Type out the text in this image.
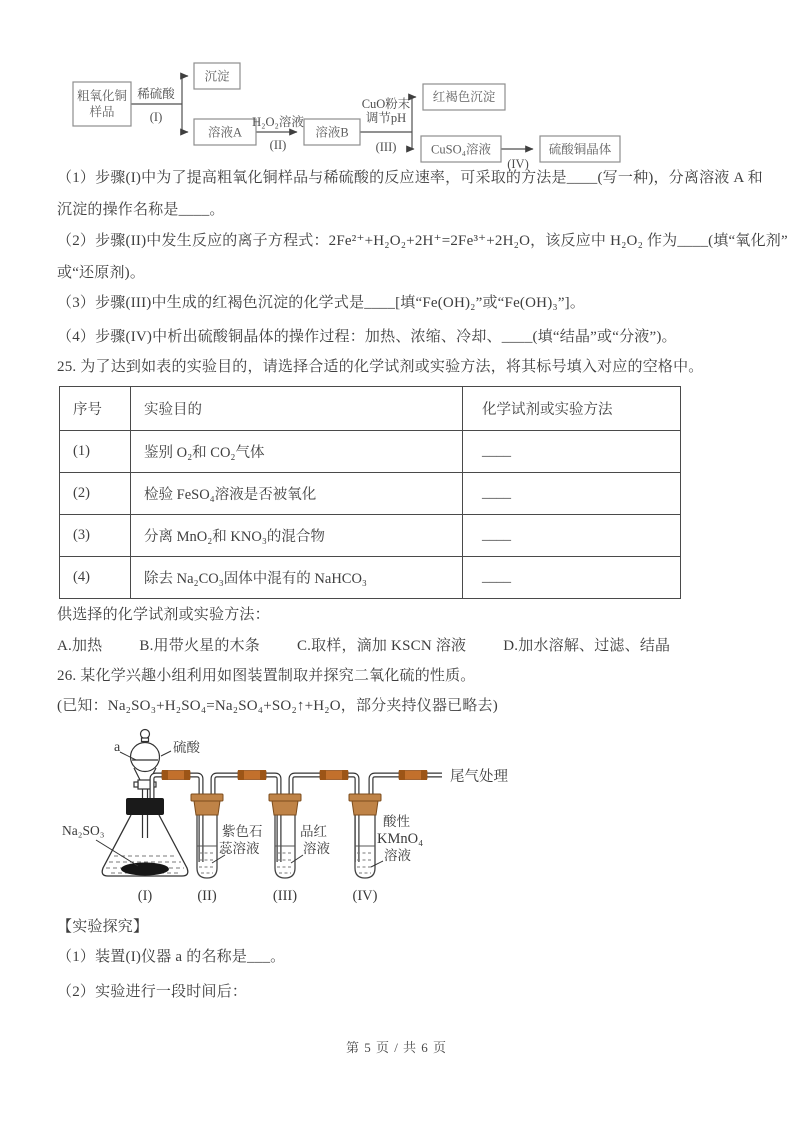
粗氧化铜
样品
沉淀
溶液A	溶液B
红褐色沉淀
CuSO₄溶液	硫酸铜晶体
稀硫酸
(I)	H₂O₂溶液
(II)
CuO粉末
调节pH
(III)
(IV)
（1）步骤(I)中为了提高粗氧化铜样品与稀硫酸的反应速率，可采取的方法是____(写一种)，分离溶液 A 和
沉淀的操作名称是____。
（2）步骤(II)中发生反应的离子方程式：2Fe²⁺+H₂O₂+2H⁺=2Fe³⁺+2H₂O，该反应中 H₂O₂ 作为____(填“氧化剂”
或“还原剂)。
（3）步骤(III)中生成的红褐色沉淀的化学式是____[填“Fe(OH)₂”或“Fe(OH)₃”]。
（4）步骤(IV)中析出硫酸铜晶体的操作过程：加热、浓缩、冷却、____(填“结晶”或“分液”)。
25. 为了达到如表的实验目的，请选择合适的化学试剂或实验方法，将其标号填入对应的空格中。
序号	实验目的	化学试剂或实验方法
(1)	鉴别 O₂和 CO₂气体	____
(2)	检验 FeSO₄溶液是否被氧化	____
(3)	分离 MnO₂和 KNO₃的混合物	____
(4)	除去 Na₂CO₃固体中混有的 NaHCO₃	____
供选择的化学试剂或实验方法：
A.加热 B.用带火星的木条 C.取样，滴加 KSCN 溶液 D.加水溶解、过滤、结晶
26. 某化学兴趣小组利用如图装置制取并探究二氧化硫的性质。
(已知：Na₂SO₃+H₂SO₄=Na₂SO₄+SO₂↑+H₂O，部分夹持仪器已略去)
a	硫酸
Na₂SO₃	紫色石
蕊溶液
品红
溶液
酸性
KMnO₄
溶液
尾气处理
(I)	(II)	(III)	(IV)
【实验探究】
（1）装置(I)仪器 a 的名称是___。
（2）实验进行一段时间后：
第 5 页 / 共 6 页
